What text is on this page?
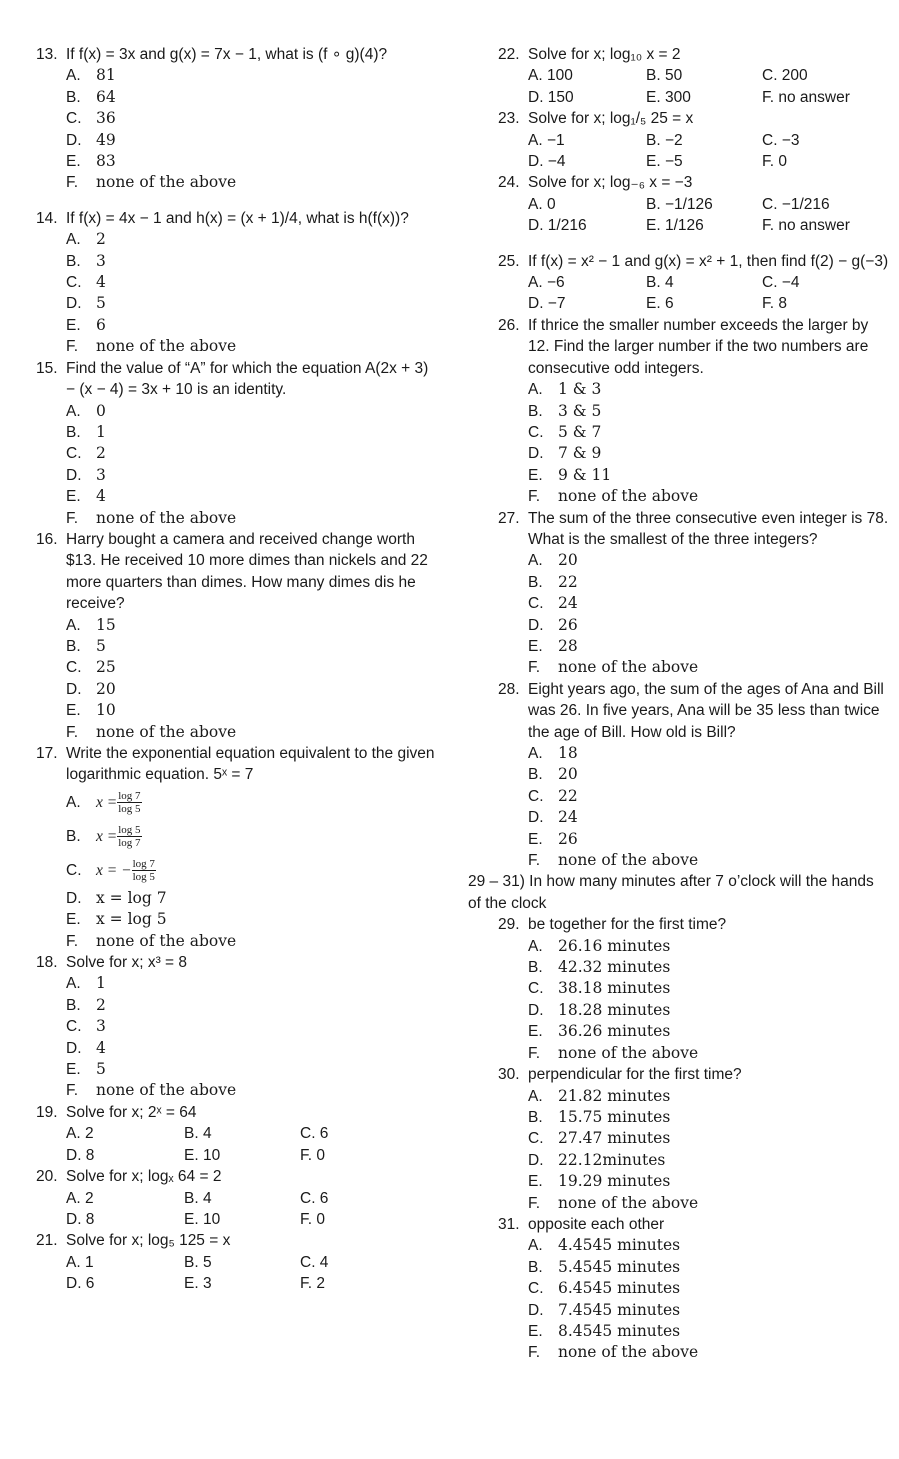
13. If f(x) = 3x and g(x) = 7x − 1, what is (f ∘ g)(4)?
A. 81
B. 64
C. 36
D. 49
E. 83
F.	none of the above
14. If f(x) = 4x − 1 and h(x) = (x + 1)/4, what is h(f(x))?
A. 2
B. 3
C. 4
D. 5
E. 6
F.	none of the above
15. Find the value of “A” for which the equation A(2x + 3) − (x − 4) = 3x + 10 is an identity.
A. 0
B. 1
C. 2
D. 3
E. 4
F.	none of the above
16. Harry bought a camera and received change worth $13. He received 10 more dimes than nickels and 22 more quarters than dimes. How many dimes dis he receive?
A. 15
B. 5
C. 25
D. 20
E. 10
F.	none of the above
17. Write the exponential equation equivalent to the given logarithmic equation. 5ˣ = 7
A. $x = \frac{\log 7}{\log 5}$
B. $x = \frac{\log 5}{\log 7}$
C. x = − $\frac{\log 7}{\log 5}$
D. x = log 7
E. x = log 5
F.	none of the above
18. Solve for x; x³ = 8
A. 1
B. 2
C. 3
D. 4
E. 5
F.	none of the above
19. Solve for x; 2ˣ = 64
A. 2	B. 4	C. 6
D. 8	E. 10	F. 0
20. Solve for x; logₓ 64 = 2
A. 2	B. 4	C. 6
D. 8	E. 10	F. 0
21. Solve for x; log₅ 125 = x
A. 1	B. 5	C. 4
D. 6	E. 3	F. 2
22. Solve for x; log₁₀ x = 2
A. 100	B. 50	C. 200
D. 150	E. 300	F. no answer
23. Solve for x; log₁/₅ 25 = x
A. −1	B. −2	C. −3
D. −4	E. −5	F. 0
24. Solve for x; log₋₆ x = −3
A. 0	B. −1/126	C. −1/216
D. 1/216	E. 1/126	F. no answer
25. If f(x) = x² − 1 and g(x) = x² + 1, then find f(2) − g(−3)
A. −6	B. 4	C. −4
D. −7	E. 6	F. 8
26. If thrice the smaller number exceeds the larger by 12. Find the larger number if the two numbers are consecutive odd integers.
A. 1 & 3
B. 3 & 5
C. 5 & 7
D. 7 & 9
E. 9 & 11
F.	none of the above
27. The sum of the three consecutive even integer is 78. What is the smallest of the three integers?
A. 20
B. 22
C. 24
D. 26
E. 28
F.	none of the above
28. Eight years ago, the sum of the ages of Ana and Bill was 26. In five years, Ana will be 35 less than twice the age of Bill. How old is Bill?
A. 18
B. 20
C. 22
D. 24
E. 26
F.	none of the above
29 – 31) In how many minutes after 7 o’clock will the hands of the clock
29. be together for the first time?
A. 26.16 minutes
B. 42.32 minutes
C. 38.18 minutes
D. 18.28 minutes
E. 36.26 minutes
F.	none of the above
30. perpendicular for the first time?
A. 21.82 minutes
B. 15.75 minutes
C. 27.47 minutes
D. 22.12minutes
E. 19.29 minutes
F.	none of the above
31. opposite each other
A. 4.4545 minutes
B. 5.4545 minutes
C. 6.4545 minutes
D. 7.4545 minutes
E. 8.4545 minutes
F.	none of the above
